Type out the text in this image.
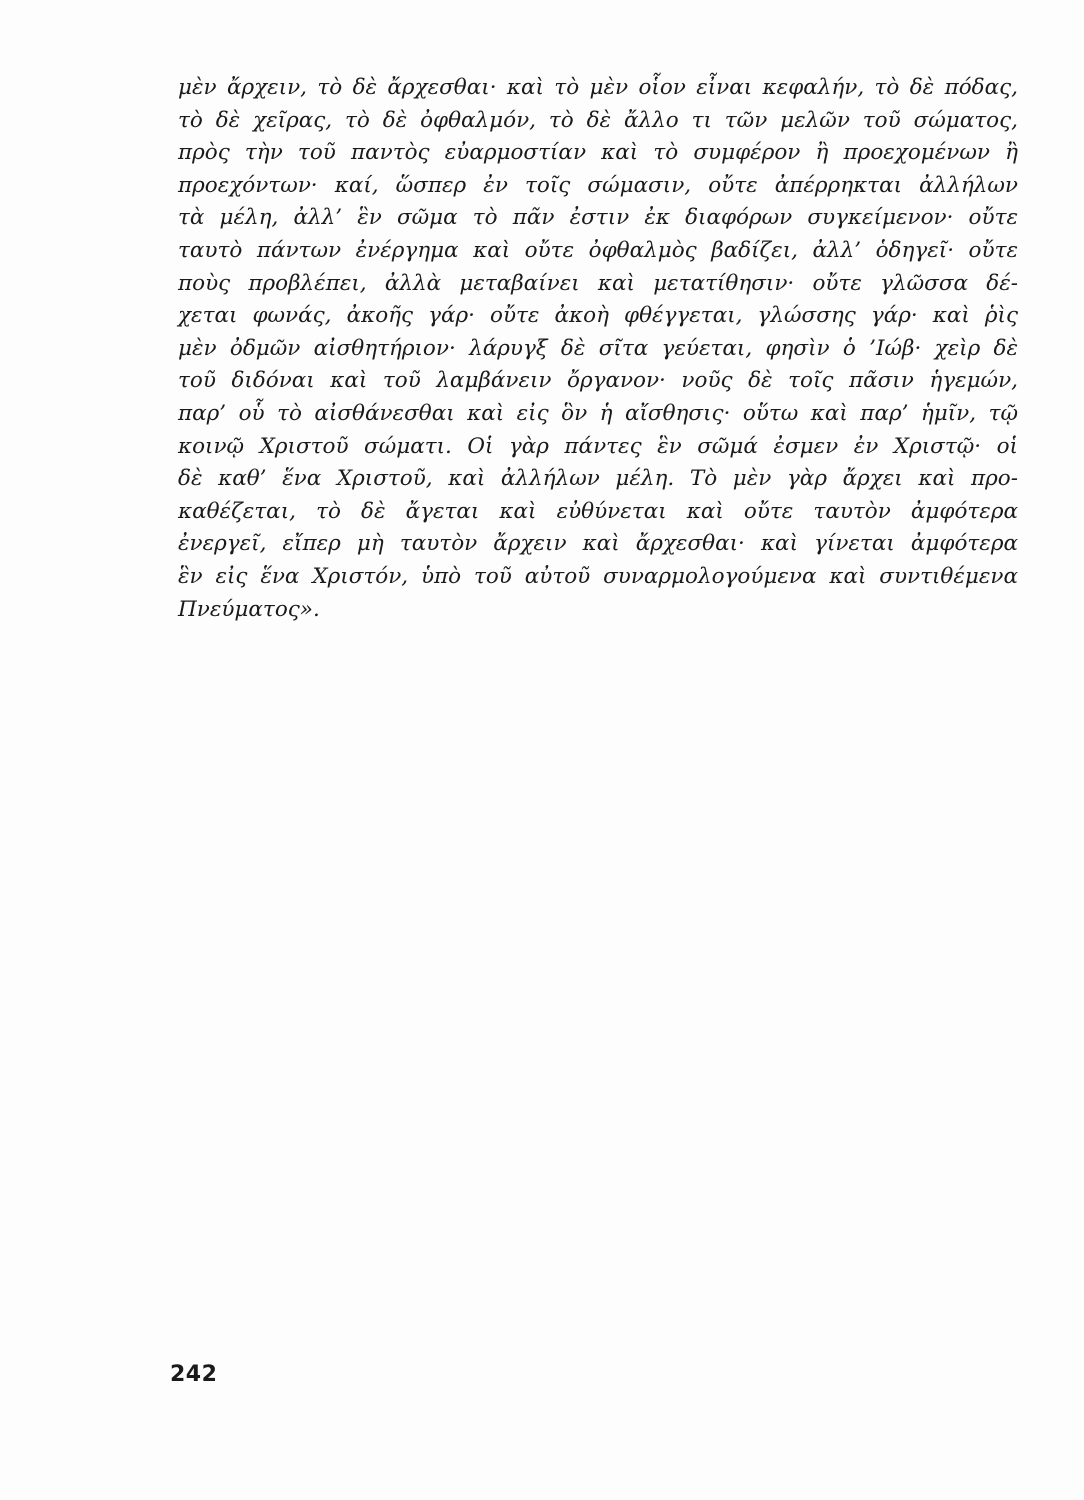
μὲν ἄρχειν, τὸ δὲ ἄρχεσθαι· καὶ τὸ μὲν οἷον εἶναι κεφαλήν, τὸ δὲ πόδας,
τὸ δὲ χεῖρας, τὸ δὲ ὀφθαλμόν, τὸ δὲ ἄλλο τι τῶν μελῶν τοῦ σώματος,
πρὸς τὴν τοῦ παντὸς εὐαρμοστίαν καὶ τὸ συμφέρον ἢ προεχομένων ἢ
προεχόντων· καί, ὥσπερ ἐν τοῖς σώμασιν, οὔτε ἀπέρρηκται ἀλλήλων
τὰ μέλη, ἀλλ’ ἓν σῶμα τὸ πᾶν ἐστιν ἐκ διαφόρων συγκείμενον· οὔτε
ταυτὸ πάντων ἐνέργημα καὶ οὔτε ὀφθαλμὸς βαδίζει, ἀλλ’ ὁδηγεῖ· οὔτε
ποὺς προβλέπει, ἀλλὰ μεταβαίνει καὶ μετατίθησιν· οὔτε γλῶσσα δέ-
χεται φωνάς, ἀκοῆς γάρ· οὔτε ἀκοὴ φθέγγεται, γλώσσης γάρ· καὶ ῥὶς
μὲν ὀδμῶν αἰσθητήριον· λάρυγξ δὲ σῖτα γεύεται, φησὶν ὁ ’Ιώβ· χεὶρ δὲ
τοῦ διδόναι καὶ τοῦ λαμβάνειν ὄργανον· νοῦς δὲ τοῖς πᾶσιν ἡγεμών,
παρ’ οὗ τὸ αἰσθάνεσθαι καὶ εἰς ὃν ἡ αἴσθησις· οὕτω καὶ παρ’ ἡμῖν, τῷ
κοινῷ Χριστοῦ σώματι. Οἱ γὰρ πάντες ἓν σῶμά ἐσμεν ἐν Χριστῷ· οἱ
δὲ καθ’ ἕνα Χριστοῦ, καὶ ἀλλήλων μέλη. Τὸ μὲν γὰρ ἄρχει καὶ προ-
καθέζεται, τὸ δὲ ἄγεται καὶ εὐθύνεται καὶ οὔτε ταυτὸν ἀμφότερα
ἐνεργεῖ, εἴπερ μὴ ταυτὸν ἄρχειν καὶ ἄρχεσθαι· καὶ γίνεται ἀμφότερα
ἓν εἰς ἕνα Χριστόν, ὑπὸ τοῦ αὐτοῦ συναρμολογούμενα καὶ συντιθέμενα
Πνεύματος».
242
